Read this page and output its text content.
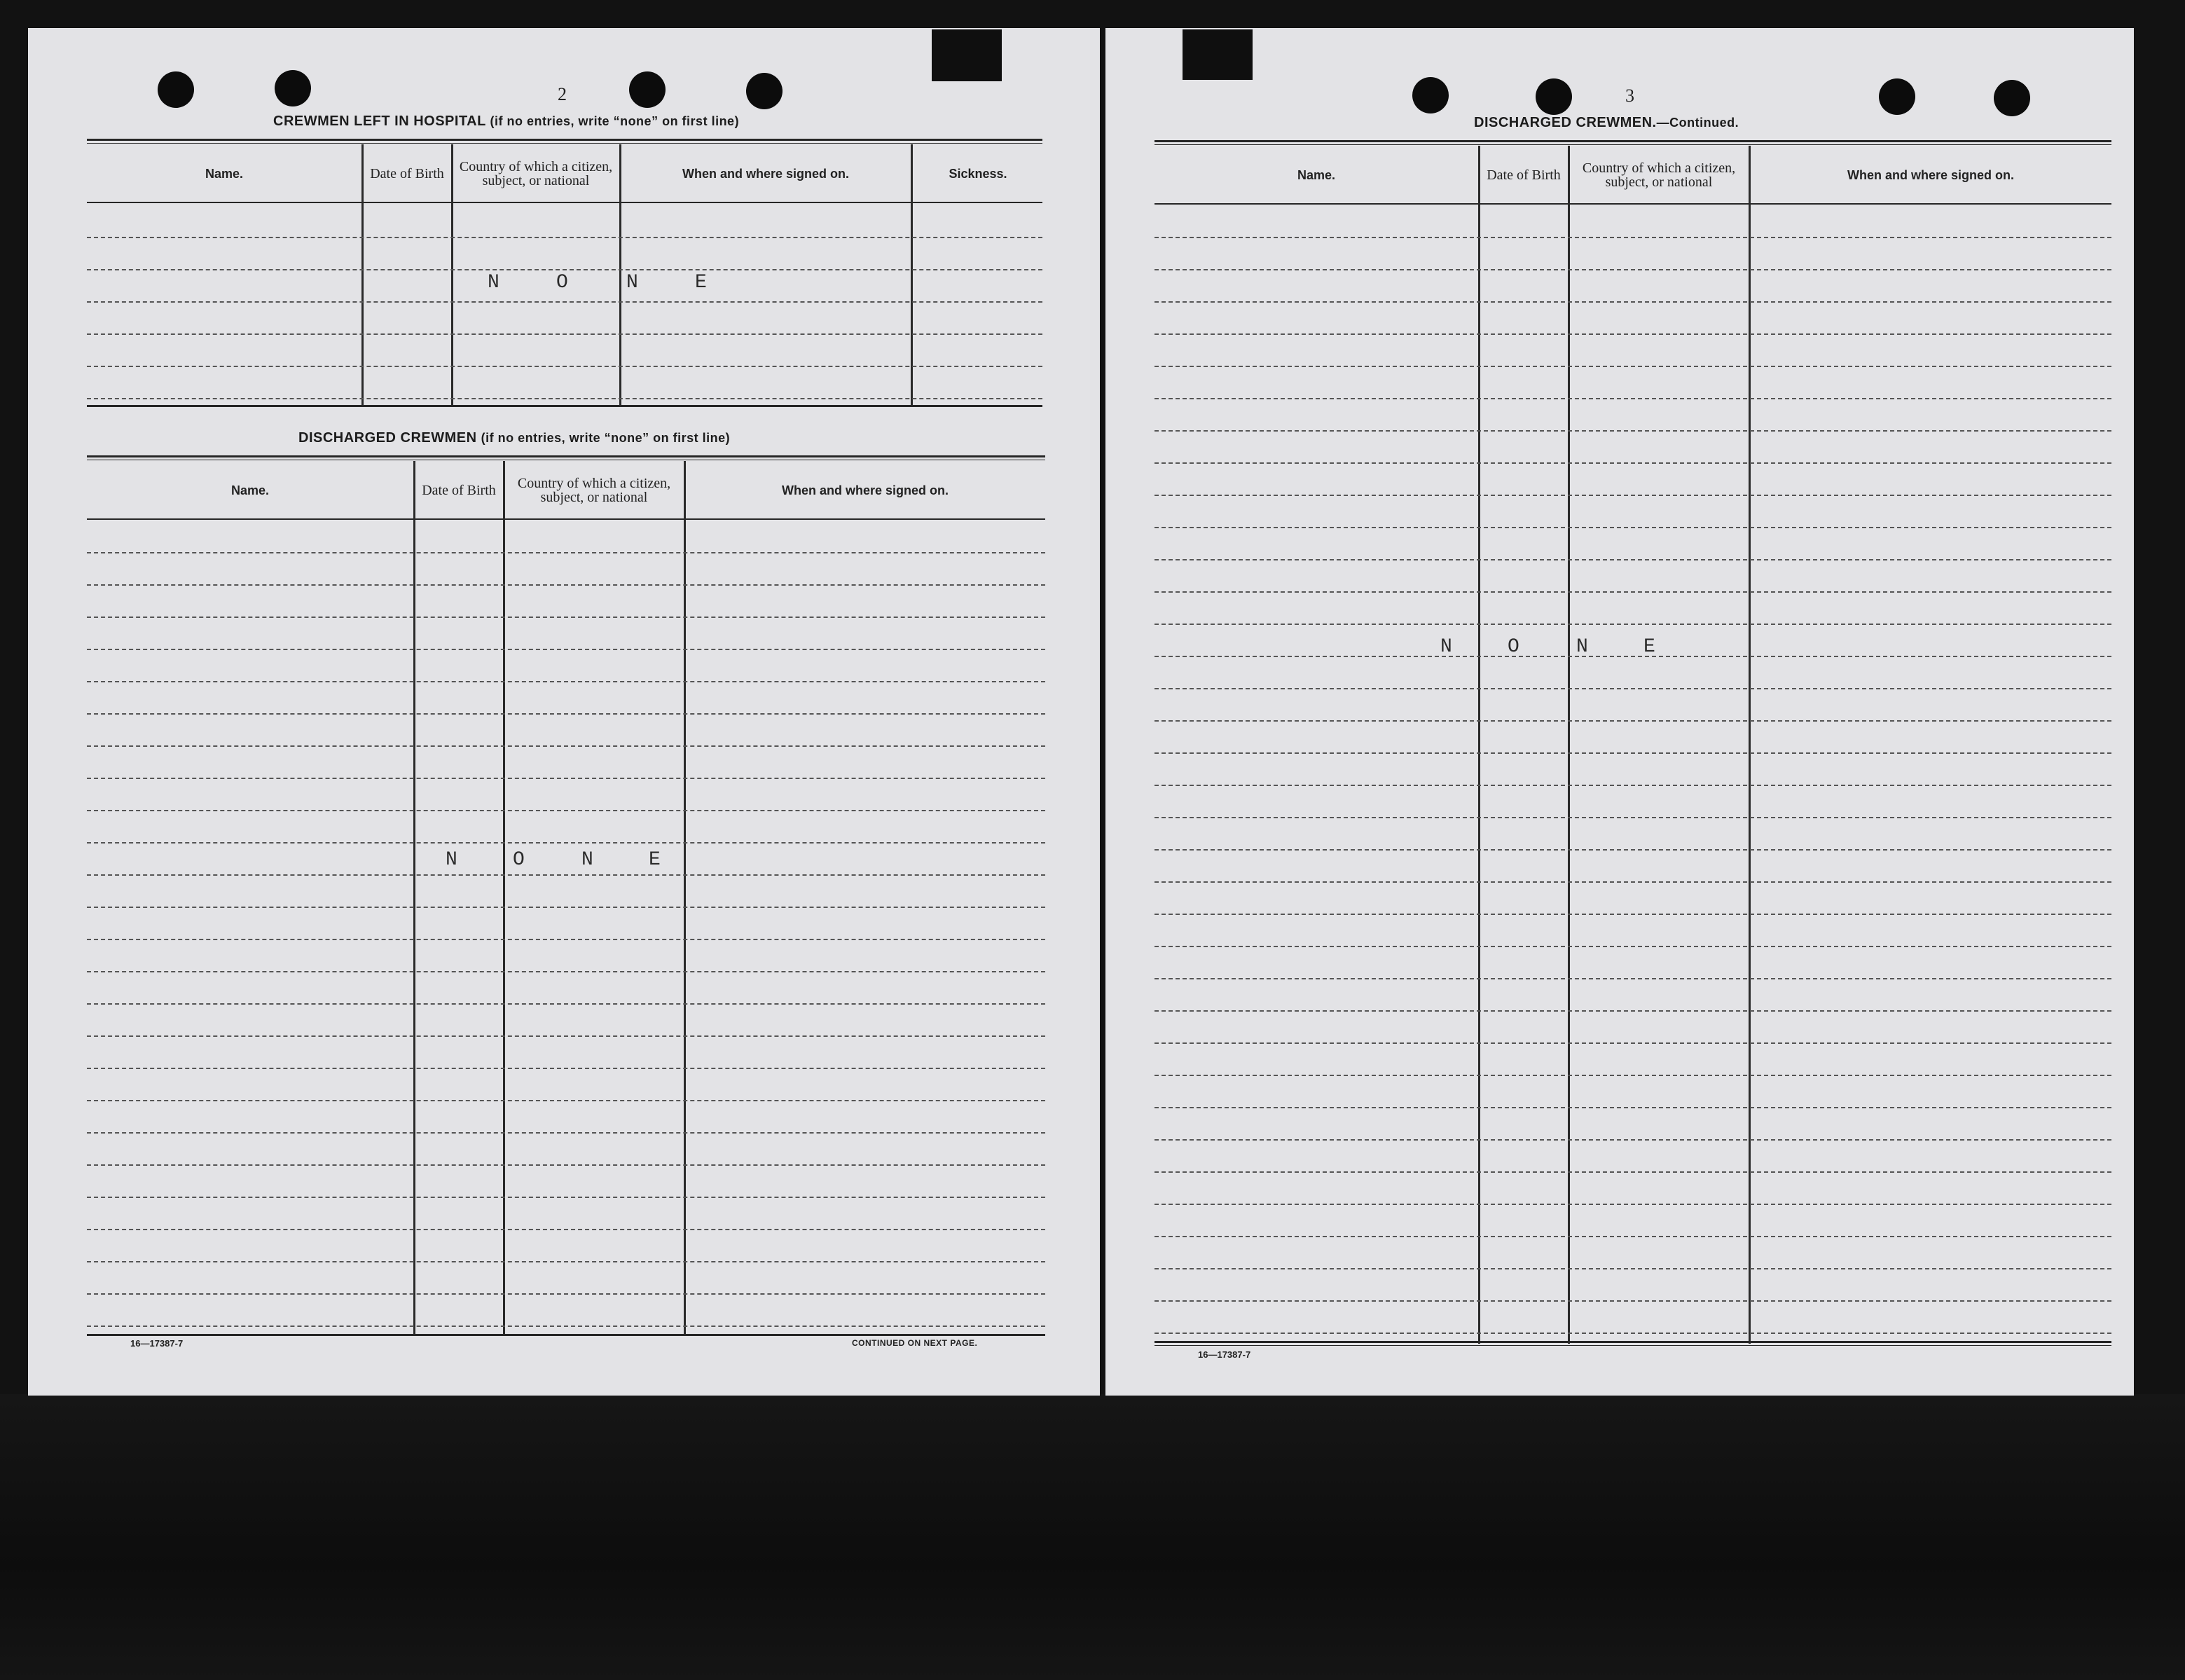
2
CREWMEN LEFT IN HOSPITAL (if no entries, write “none” on first line)
Name.	Date of Birth	Country of which a citizen, subject, or national	When and where signed on.	Sickness.
N	O	N	E
DISCHARGED CREWMEN (if no entries, write “none” on first line)
Name.	Date of Birth	Country of which a citizen, subject, or national	When and where signed on.
N	O	N	E
16—17387-7	CONTINUED ON NEXT PAGE.
3
DISCHARGED CREWMEN.—Continued.
Name.	Date of Birth	Country of which a citizen, subject, or national	When and where signed on.
N	O	N	E
16—17387-7
